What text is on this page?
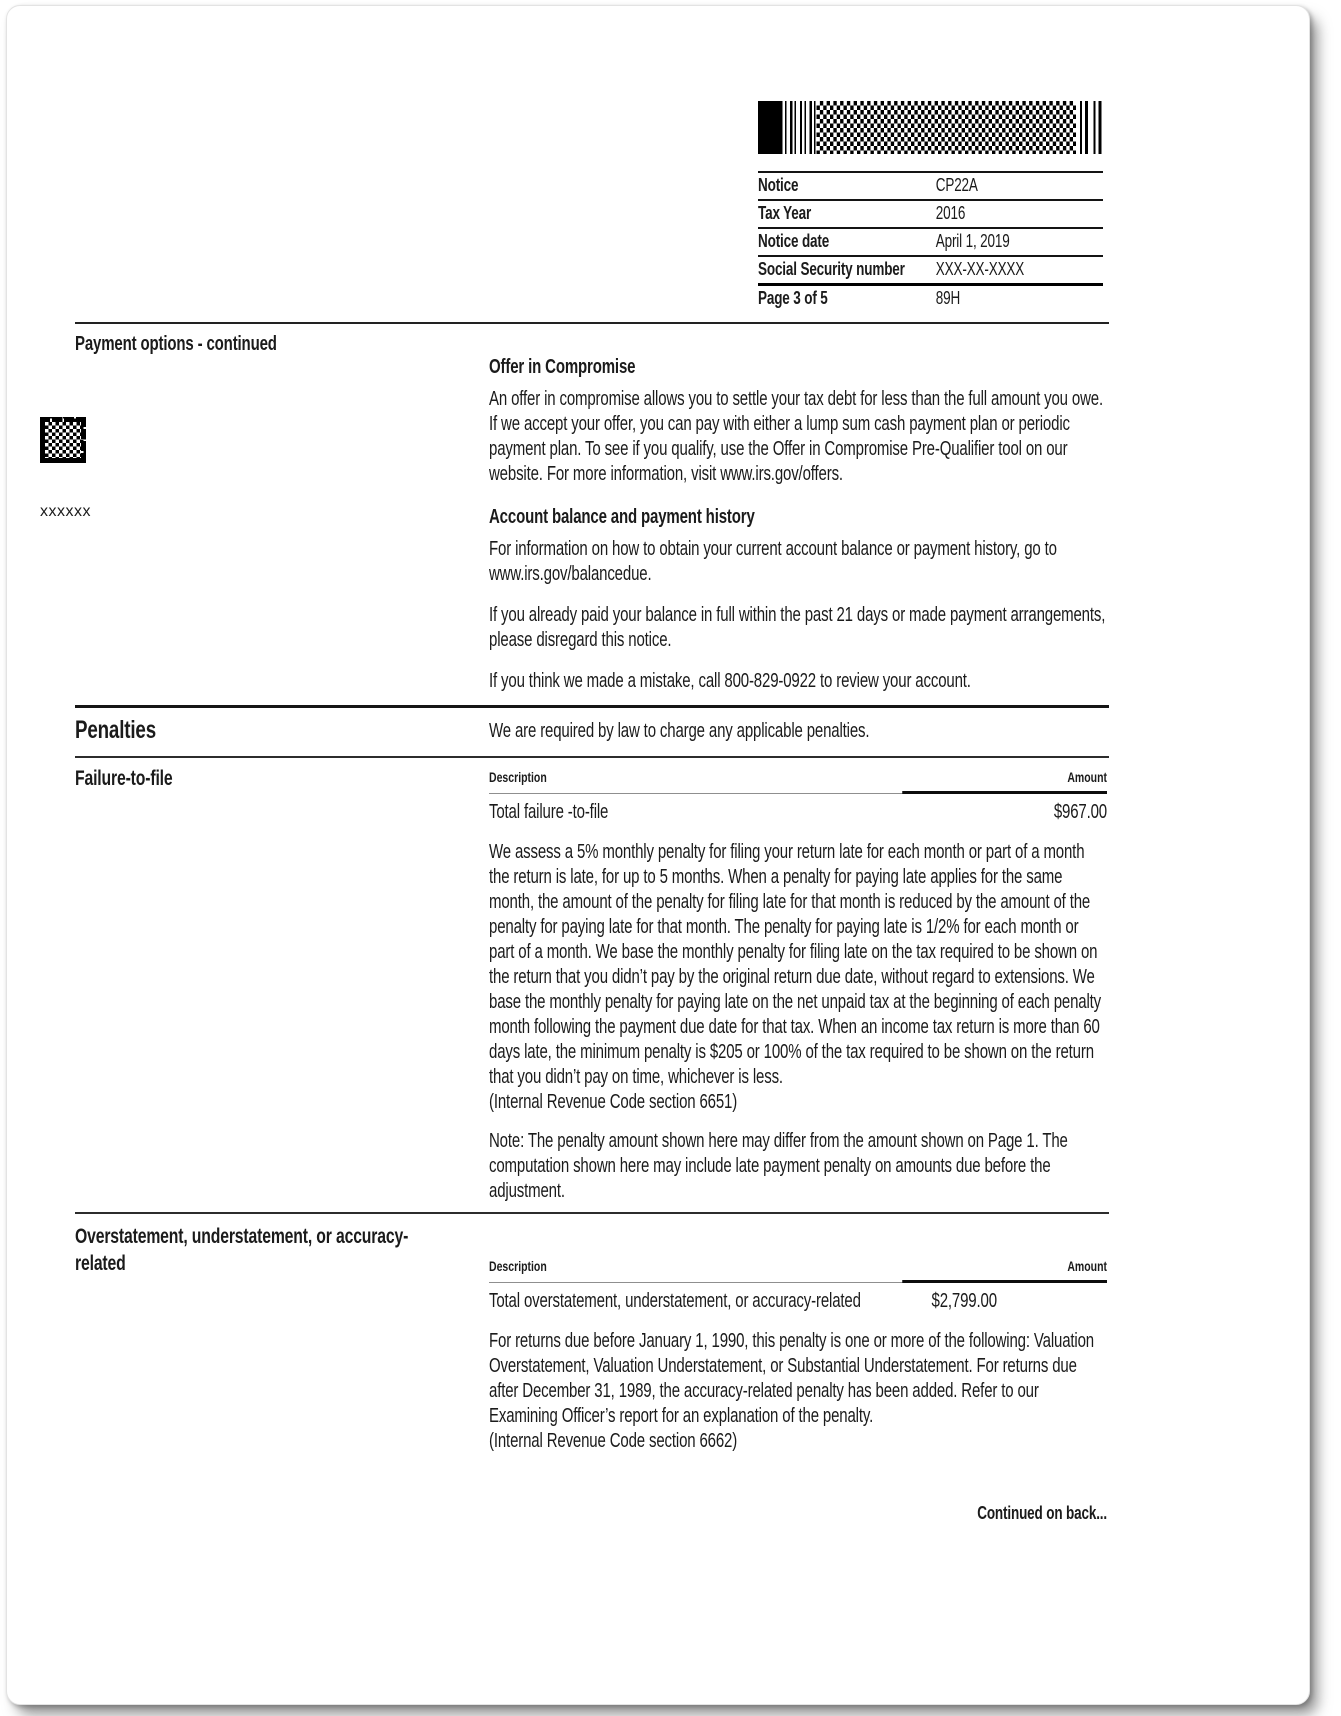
Notice	CP22A
Tax Year	2016
Notice date	April 1, 2019
Social Security number	XXX-XX-XXXX
Page 3 of 5	89H
Payment options - continued
xxxxxx
Offer in Compromise

An offer in compromise allows you to settle your tax debt for less than the full amount you owe. If we accept your offer, you can pay with either a lump sum cash payment plan or periodic payment plan. To see if you qualify, use the Offer in Compromise Pre-Qualifier tool on our website. For more information, visit www.irs.gov/offers.

Account balance and payment history

For information on how to obtain your current account balance or payment history, go to www.irs.gov/balancedue.

If you already paid your balance in full within the past 21 days or made payment arrangements, please disregard this notice.

If you think we made a mistake, call 800-829-0922 to review your account.

Penalties	We are required by law to charge any applicable penalties.
Failure-to-file	Description	Amount
Total failure -to-file	$967.00

We assess a 5% monthly penalty for filing your return late for each month or part of a month the return is late, for up to 5 months. When a penalty for paying late applies for the same month, the amount of the penalty for filing late for that month is reduced by the amount of the penalty for paying late for that month. The penalty for paying late is 1/2% for each month or part of a month. We base the monthly penalty for filing late on the tax required to be shown on the return that you didn’t pay by the original return due date, without regard to extensions. We base the monthly penalty for paying late on the net unpaid tax at the beginning of each penalty month following the payment due date for that tax. When an income tax return is more than 60 days late, the minimum penalty is $205 or 100% of the tax required to be shown on the return that you didn’t pay on time, whichever is less.

(Internal Revenue Code section 6651)

Note: The penalty amount shown here may differ from the amount shown on Page 1. The computation shown here may include late payment penalty on amounts due before the adjustment.

Overstatement, understatement, or accuracy-related	Description	Amount
Total overstatement, understatement, or accuracy-related	$2,799.00

For returns due before January 1, 1990, this penalty is one or more of the following: Valuation Overstatement, Valuation Understatement, or Substantial Understatement. For returns due after December 31, 1989, the accuracy-related penalty has been added. Refer to our Examining Officer’s report for an explanation of the penalty.

(Internal Revenue Code section 6662)

Continued on back...
